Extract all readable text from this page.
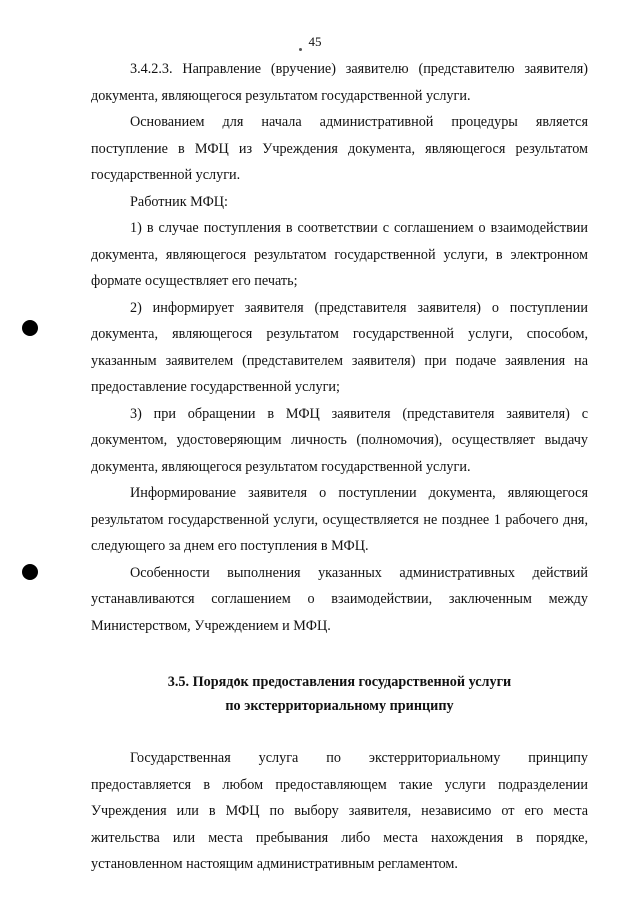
45

3.4.2.3. Направление (вручение) заявителю (представителю заявителя) документа, являющегося результатом государственной услуги.

Основанием для начала административной процедуры является поступление в МФЦ из Учреждения документа, являющегося результатом государственной услуги.

Работник МФЦ:

1) в случае поступления в соответствии с соглашением о взаимодействии документа, являющегося результатом государственной услуги, в электронном формате осуществляет его печать;

2) информирует заявителя (представителя заявителя) о поступлении документа, являющегося результатом государственной услуги, способом, указанным заявителем (представителем заявителя) при подаче заявления на предоставление государственной услуги;

3) при обращении в МФЦ заявителя (представителя заявителя) с документом, удостоверяющим личность (полномочия), осуществляет выдачу документа, являющегося результатом государственной услуги.

Информирование заявителя о поступлении документа, являющегося результатом государственной услуги, осуществляется не позднее 1 рабочего дня, следующего за днем его поступления в МФЦ.

Особенности выполнения указанных административных действий устанавливаются соглашением о взаимодействии, заключенным между Министерством, Учреждением и МФЦ.

3.5. Порядок предоставления государственной услуги
по экстерриториальному принципу

Государственная услуга по экстерриториальному принципу предоставляется в любом предоставляющем такие услуги подразделении Учреждения или в МФЦ по выбору заявителя, независимо от его места жительства или места пребывания либо места нахождения в порядке, установленном настоящим административным регламентом.
